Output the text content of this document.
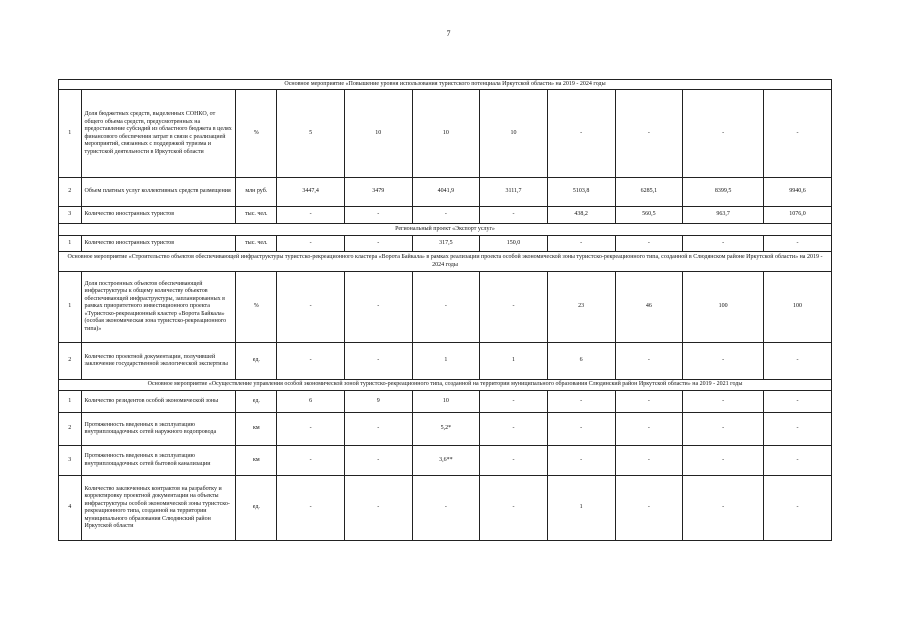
7
Основное мероприятие «Повышение уровня использования туристского потенциала Иркутской области» на 2019 - 2024 годы										
1	Доля бюджетных средств, выделенных СОНКО, от общего объема средств, предусмотренных на предоставление субсидий из областного бюджета в целях финансового обеспечения затрат в связи с реализацией мероприятий, связанных с поддержкой туризма и туристской деятельности в Иркутской области	%	5	10	10	10	-	-	-	-
2	Объем платных услуг коллективных средств размещения	млн руб.	3447,4	3479	4041,9	3111,7	5103,8	6285,1	8399,5	9940,6
3	Количество иностранных туристов	тыс. чел.	-	-	-	-	438,2	560,5	963,7	1076,0
Региональный проект «Экспорт услуг»										
1	Количество иностранных туристов	тыс. чел.	-	-	317,5	150,0	-	-	-	-
Основное мероприятие «Строительство объектов обеспечивающей инфраструктуры туристско-рекреационного кластера «Ворота Байкала» в рамках реализации проекта особой экономической зоны туристско-рекреационного типа, созданной в Слюдянском районе Иркутской области» на 2019 - 2024 годы										
1	Доля построенных объектов обеспечивающей инфраструктуры к общему количеству объектов обеспечивающей инфраструктуры, запланированных в рамках приоритетного инвестиционного проекта «Туристско-рекреационный кластер «Ворота Байкала» (особая экономическая зона туристско-рекреационного типа)»	%	-	-	-	-	23	46	100	100
2	Количество проектной документации, получившей заключение государственной экологической экспертизы	ед.	-	-	1	1	6	-	-	-
Основное мероприятие «Осуществление управления особой экономической зоной туристско-рекреационного типа, созданной на территории муниципального образования Слюдянский район Иркутской области» на 2019 - 2021 годы										
1	Количество резидентов особой экономической зоны	ед.	6	9	10	-	-	-	-	-
2	Протяженность введенных в эксплуатацию внутриплощадочных сетей наружного водопровода	км	-	-	5,2*	-	-	-	-	-
3	Протяженность введенных в эксплуатацию внутриплощадочных сетей бытовой канализации	км	-	-	3,6**	-	-	-	-	-
4	Количество заключенных контрактов на разработку и корректировку проектной документации на объекты инфраструктуры особой экономической зоны туристско-рекреационного типа, созданной на территории муниципального образования Слюдянский район Иркутской области	ед.	-	-	-	-	1	-	-	-
